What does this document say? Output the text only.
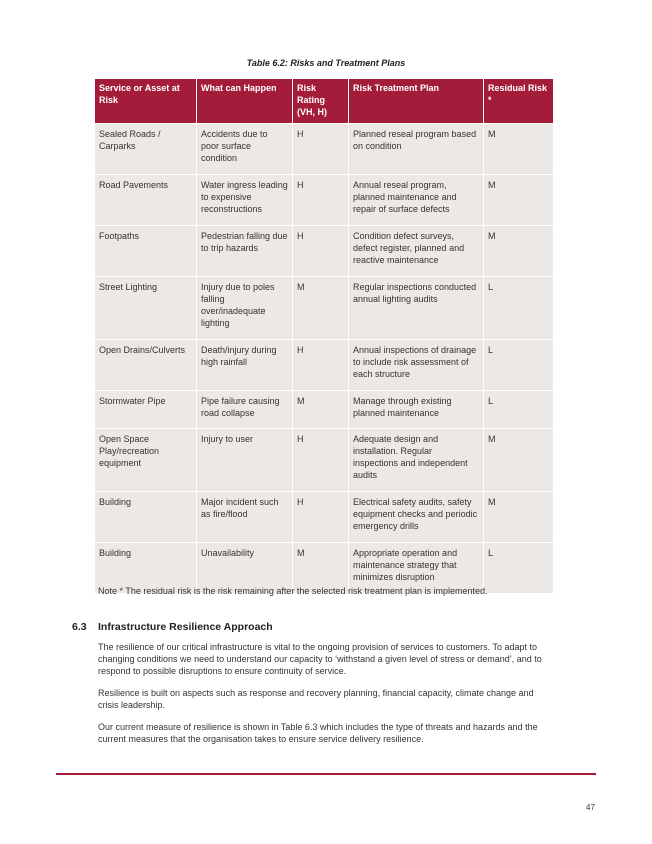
Table 6.2: Risks and Treatment Plans
Service or Asset at Risk	What can Happen	Risk Rating (VH, H)	Risk Treatment Plan	Residual Risk *
Sealed Roads / Carparks	Accidents due to poor surface condition	H	Planned reseal program based on condition	M
Road Pavements	Water ingress leading to expensive reconstructions	H	Annual reseal program, planned maintenance and repair of surface defects	M
Footpaths	Pedestrian falling due to trip hazards	H	Condition defect surveys, defect register, planned and reactive maintenance	M
Street Lighting	Injury due to poles falling over/inadequate lighting	M	Regular inspections conducted annual lighting audits	L
Open Drains/Culverts	Death/injury during high rainfall	H	Annual inspections of drainage to include risk assessment of each structure	L
Stormwater Pipe	Pipe failure causing road collapse	M	Manage through existing planned maintenance	L
Open Space Play/recreation equipment	Injury to user	H	Adequate design and installation. Regular inspections and independent audits	M
Building	Major incident such as fire/flood	H	Electrical safety audits, safety equipment checks and periodic emergency drills	M
Building	Unavailability	M	Appropriate operation and maintenance strategy that minimizes disruption	L
Note * The residual risk is the risk remaining after the selected risk treatment plan is implemented.
6.3 Infrastructure Resilience Approach

The resilience of our critical infrastructure is vital to the ongoing provision of services to customers. To adapt to changing conditions we need to understand our capacity to ‘withstand a given level of stress or demand’, and to respond to possible disruptions to ensure continuity of service.

Resilience is built on aspects such as response and recovery planning, financial capacity, climate change and crisis leadership.

Our current measure of resilience is shown in Table 6.3 which includes the type of threats and hazards and the current measures that the organisation takes to ensure service delivery resilience.

47
